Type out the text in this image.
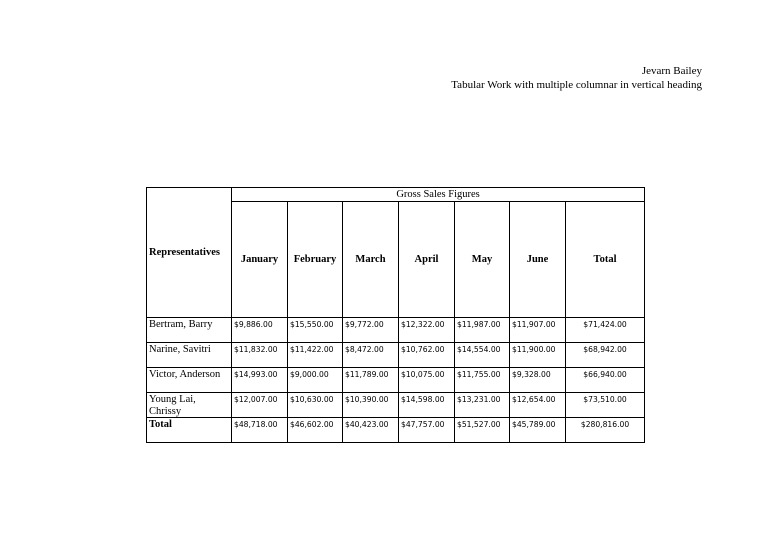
Jevarn Bailey
Tabular Work with multiple columnar in vertical heading
Representatives	Gross Sales Figures						
	January	February	March	April	May	June	Total
Bertram, Barry	$9,886.00	$15,550.00	$9,772.00	$12,322.00	$11,987.00	$11,907.00	$71,424.00
Narine, Savitri	$11,832.00	$11,422.00	$8,472.00	$10,762.00	$14,554.00	$11,900.00	$68,942.00
Victor, Anderson	$14,993.00	$9,000.00	$11,789.00	$10,075.00	$11,755.00	$9,328.00	$66,940.00
Young Lai, Chrissy	$12,007.00	$10,630.00	$10,390.00	$14,598.00	$13,231.00	$12,654.00	$73,510.00
Total	$48,718.00	$46,602.00	$40,423.00	$47,757.00	$51,527.00	$45,789.00	$280,816.00
